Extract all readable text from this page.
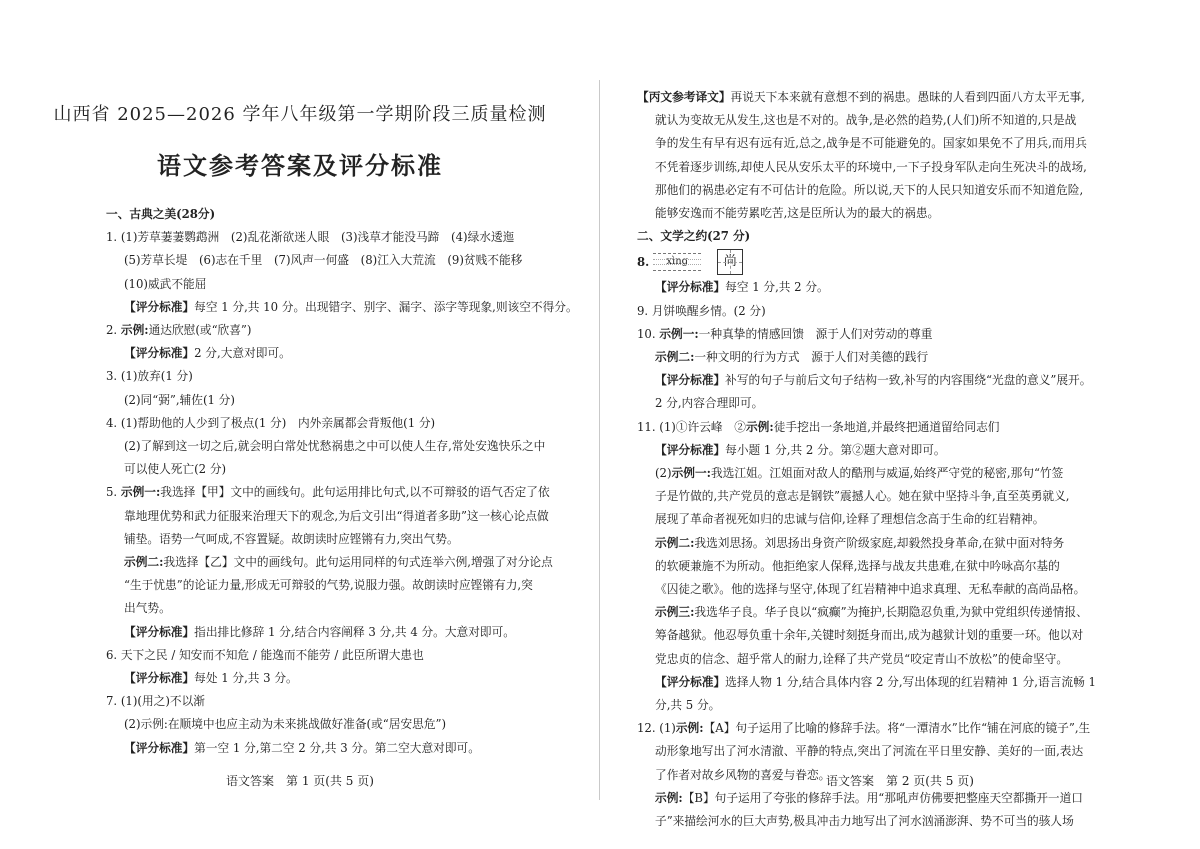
山西省 2025—2026 学年八年级第一学期阶段三质量检测
语文参考答案及评分标准
一、古典之美(28分)
1. (1)芳草萋萋鹦鹉洲　(2)乱花渐欲迷人眼　(3)浅草才能没马蹄　(4)绿水逶迤
(5)芳草长堤　(6)志在千里　(7)风声一何盛　(8)江入大荒流　(9)贫贱不能移
(10)威武不能屈
【评分标准】每空 1 分,共 10 分。出现错字、别字、漏字、添字等现象,则该空不得分。
2. 示例:通达欣慰(或“欣喜”)
【评分标准】2 分,大意对即可。
3. (1)放弃(1 分)
(2)同“弼”,辅佐(1 分)
4. (1)帮助他的人少到了极点(1 分)　内外亲属都会背叛他(1 分)
(2)了解到这一切之后,就会明白常处忧愁祸患之中可以使人生存,常处安逸快乐之中
可以使人死亡(2 分)
5. 示例一:我选择【甲】文中的画线句。此句运用排比句式,以不可辩驳的语气否定了依
靠地理优势和武力征服来治理天下的观念,为后文引出“得道者多助”这一核心论点做
铺垫。语势一气呵成,不容置疑。故朗读时应铿锵有力,突出气势。
示例二:我选择【乙】文中的画线句。此句运用同样的句式连举六例,增强了对分论点
“生于忧患”的论证力量,形成无可辩驳的气势,说服力强。故朗读时应铿锵有力,突
出气势。
【评分标准】指出排比修辞 1 分,结合内容阐释 3 分,共 4 分。大意对即可。
6. 天下之民 / 知安而不知危 / 能逸而不能劳 / 此臣所谓大患也
【评分标准】每处 1 分,共 3 分。
7. (1)(用之)不以渐
(2)示例:在顺境中也应主动为未来挑战做好准备(或“居安思危”)
【评分标准】第一空 1 分,第二空 2 分,共 3 分。第二空大意对即可。
语文答案　第 1 页(共 5 页)
【丙文参考译文】再说天下本来就有意想不到的祸患。愚昧的人看到四面八方太平无事,
就认为变故无从发生,这也是不对的。战争,是必然的趋势,(人们)所不知道的,只是战
争的发生有早有迟有远有近,总之,战争是不可能避免的。国家如果免不了用兵,而用兵
不凭着逐步训练,却使人民从安乐太平的环境中,一下子投身军队走向生死决斗的战场,
那他们的祸患必定有不可估计的危险。所以说,天下的人民只知道安乐而不知道危险,
能够安逸而不能劳累吃苦,这是臣所认为的最大的祸患。
二、文学之约(27 分)
8.	xìng	尚
【评分标准】每空 1 分,共 2 分。
9. 月饼唤醒乡情。(2 分)
10. 示例一:一种真挚的情感回馈　源于人们对劳动的尊重
示例二:一种文明的行为方式　源于人们对美德的践行
【评分标准】补写的句子与前后文句子结构一致,补写的内容围绕“光盘的意义”展开。
2 分,内容合理即可。
11. (1)①许云峰　②示例:徒手挖出一条地道,并最终把通道留给同志们
【评分标准】每小题 1 分,共 2 分。第②题大意对即可。
(2)示例一:我选江姐。江姐面对敌人的酷刑与威逼,始终严守党的秘密,那句“竹签
子是竹做的,共产党员的意志是钢铁”震撼人心。她在狱中坚持斗争,直至英勇就义,
展现了革命者视死如归的忠诚与信仰,诠释了理想信念高于生命的红岩精神。
示例二:我选刘思扬。刘思扬出身资产阶级家庭,却毅然投身革命,在狱中面对特务
的软硬兼施不为所动。他拒绝家人保释,选择与战友共患难,在狱中吟咏高尔基的
《囚徒之歌》。他的选择与坚守,体现了红岩精神中追求真理、无私奉献的高尚品格。
示例三:我选华子良。华子良以“疯癫”为掩护,长期隐忍负重,为狱中党组织传递情报、
筹备越狱。他忍辱负重十余年,关键时刻挺身而出,成为越狱计划的重要一环。他以对
党忠贞的信念、超乎常人的耐力,诠释了共产党员“咬定青山不放松”的使命坚守。
【评分标准】选择人物 1 分,结合具体内容 2 分,写出体现的红岩精神 1 分,语言流畅 1
分,共 5 分。
12. (1)示例:【A】句子运用了比喻的修辞手法。将“一潭清水”比作“铺在河底的镜子”,生
动形象地写出了河水清澈、平静的特点,突出了河流在平日里安静、美好的一面,表达
了作者对故乡风物的喜爱与眷恋。
示例:【B】句子运用了夸张的修辞手法。用“那吼声仿佛要把整座天空都撕开一道口
子”来描绘河水的巨大声势,极具冲击力地写出了河水汹涌澎湃、势不可当的骇人场
语文答案　第 2 页(共 5 页)
